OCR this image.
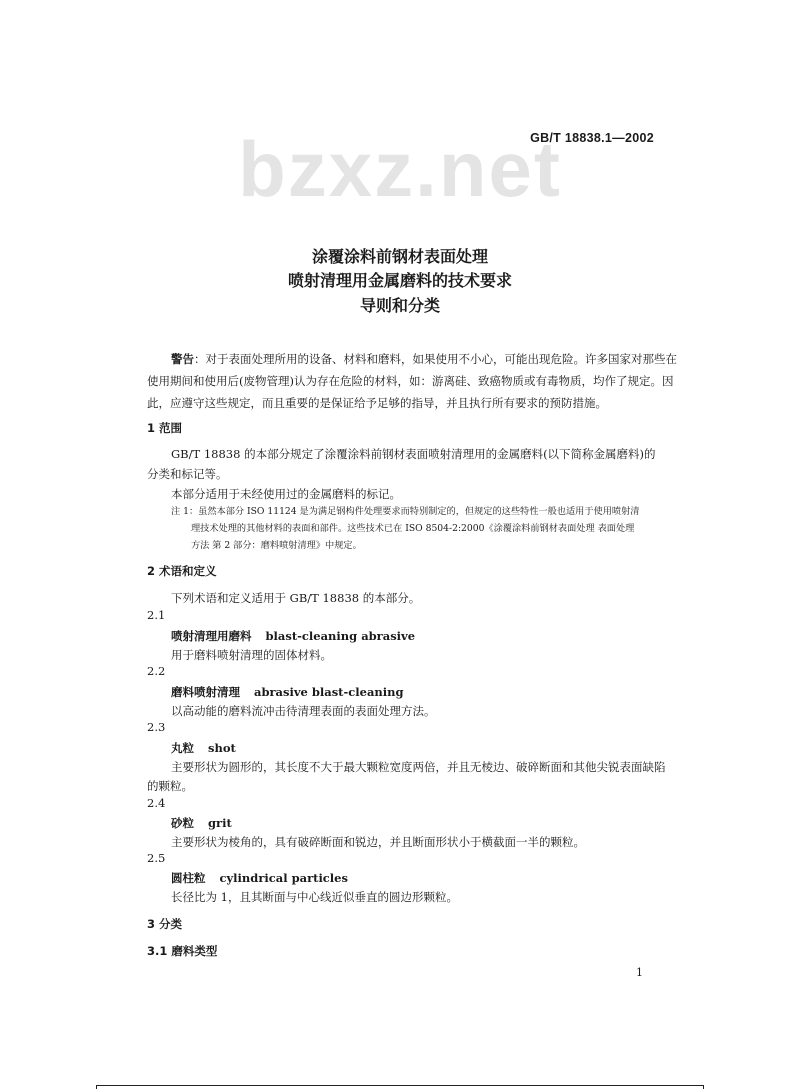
GB/T 18838.1—2002
bzxz.net
涂覆涂料前钢材表面处理
喷射清理用金属磨料的技术要求
导则和分类
警告：对于表面处理所用的设备、材料和磨料，如果使用不小心，可能出现危险。许多国家对那些在
使用期间和使用后(废物管理)认为存在危险的材料，如：游离硅、致癌物质或有毒物质，均作了规定。因
此，应遵守这些规定，而且重要的是保证给予足够的指导，并且执行所有要求的预防措施。
1 范围
GB/T 18838 的本部分规定了涂覆涂料前钢材表面喷射清理用的金属磨料(以下简称金属磨料)的
分类和标记等。
本部分适用于未经使用过的金属磨料的标记。
注 1：虽然本部分 ISO 11124 是为满足钢构件处理要求而特别制定的，但规定的这些特性一般也适用于使用喷射清
理技术处理的其他材料的表面和部件。这些技术已在 ISO 8504-2:2000《涂覆涂料前钢材表面处理 表面处理
方法 第 2 部分：磨料喷射清理》中规定。
2 术语和定义
下列术语和定义适用于 GB/T 18838 的本部分。
2.1
喷射清理用磨料 blast-cleaning abrasive
用于磨料喷射清理的固体材料。
2.2
磨料喷射清理 abrasive blast-cleaning
以高动能的磨料流冲击待清理表面的表面处理方法。
2.3
丸粒 shot
主要形状为圆形的，其长度不大于最大颗粒宽度两倍，并且无棱边、破碎断面和其他尖锐表面缺陷
的颗粒。
2.4
砂粒 grit
主要形状为棱角的，具有破碎断面和锐边，并且断面形状小于横截面一半的颗粒。
2.5
圆柱粒 cylindrical particles
长径比为 1，且其断面与中心线近似垂直的圆边形颗粒。
3 分类
3.1 磨料类型
1
